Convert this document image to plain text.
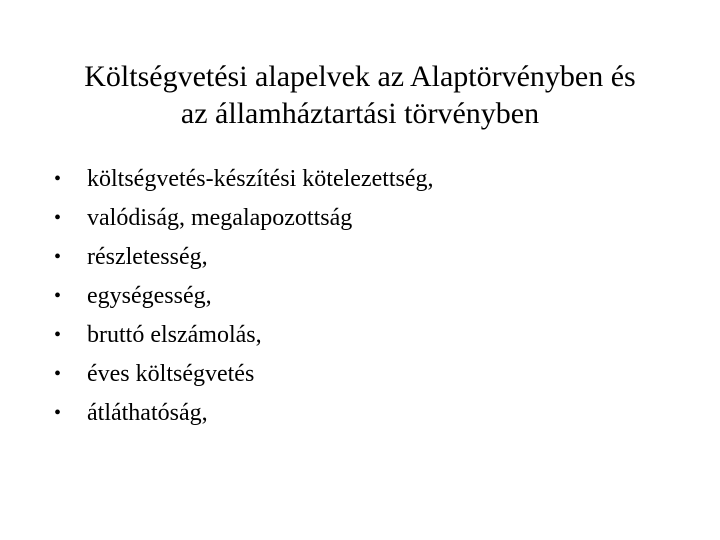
Költségvetési alapelvek az Alaptörvényben és
az államháztartási törvényben
•	költségvetés-készítési kötelezettség,
•	valódiság, megalapozottság
•	részletesség,
•	egységesség,
•	bruttó elszámolás,
•	éves költségvetés
•	átláthatóság,
